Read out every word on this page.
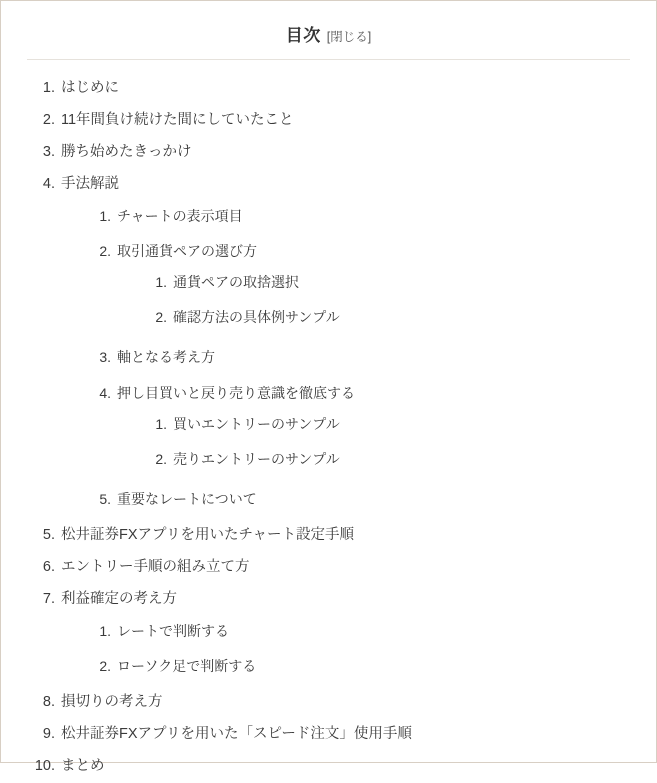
目次 [閉じる]
1. はじめに
2. 11年間負け続けた間にしていたこと
3. 勝ち始めたきっかけ
4. 手法解説
1. チャートの表示項目
2. 取引通貨ペアの選び方
1. 通貨ペアの取捨選択
2. 確認方法の具体例サンプル
3. 軸となる考え方
4. 押し目買いと戻り売り意識を徹底する
1. 買いエントリーのサンプル
2. 売りエントリーのサンプル
5. 重要なレートについて
5. 松井証券FXアプリを用いたチャート設定手順
6. エントリー手順の組み立て方
7. 利益確定の考え方
1. レートで判断する
2. ローソク足で判断する
8. 損切りの考え方
9. 松井証券FXアプリを用いた「スピード注文」使用手順
10. まとめ
